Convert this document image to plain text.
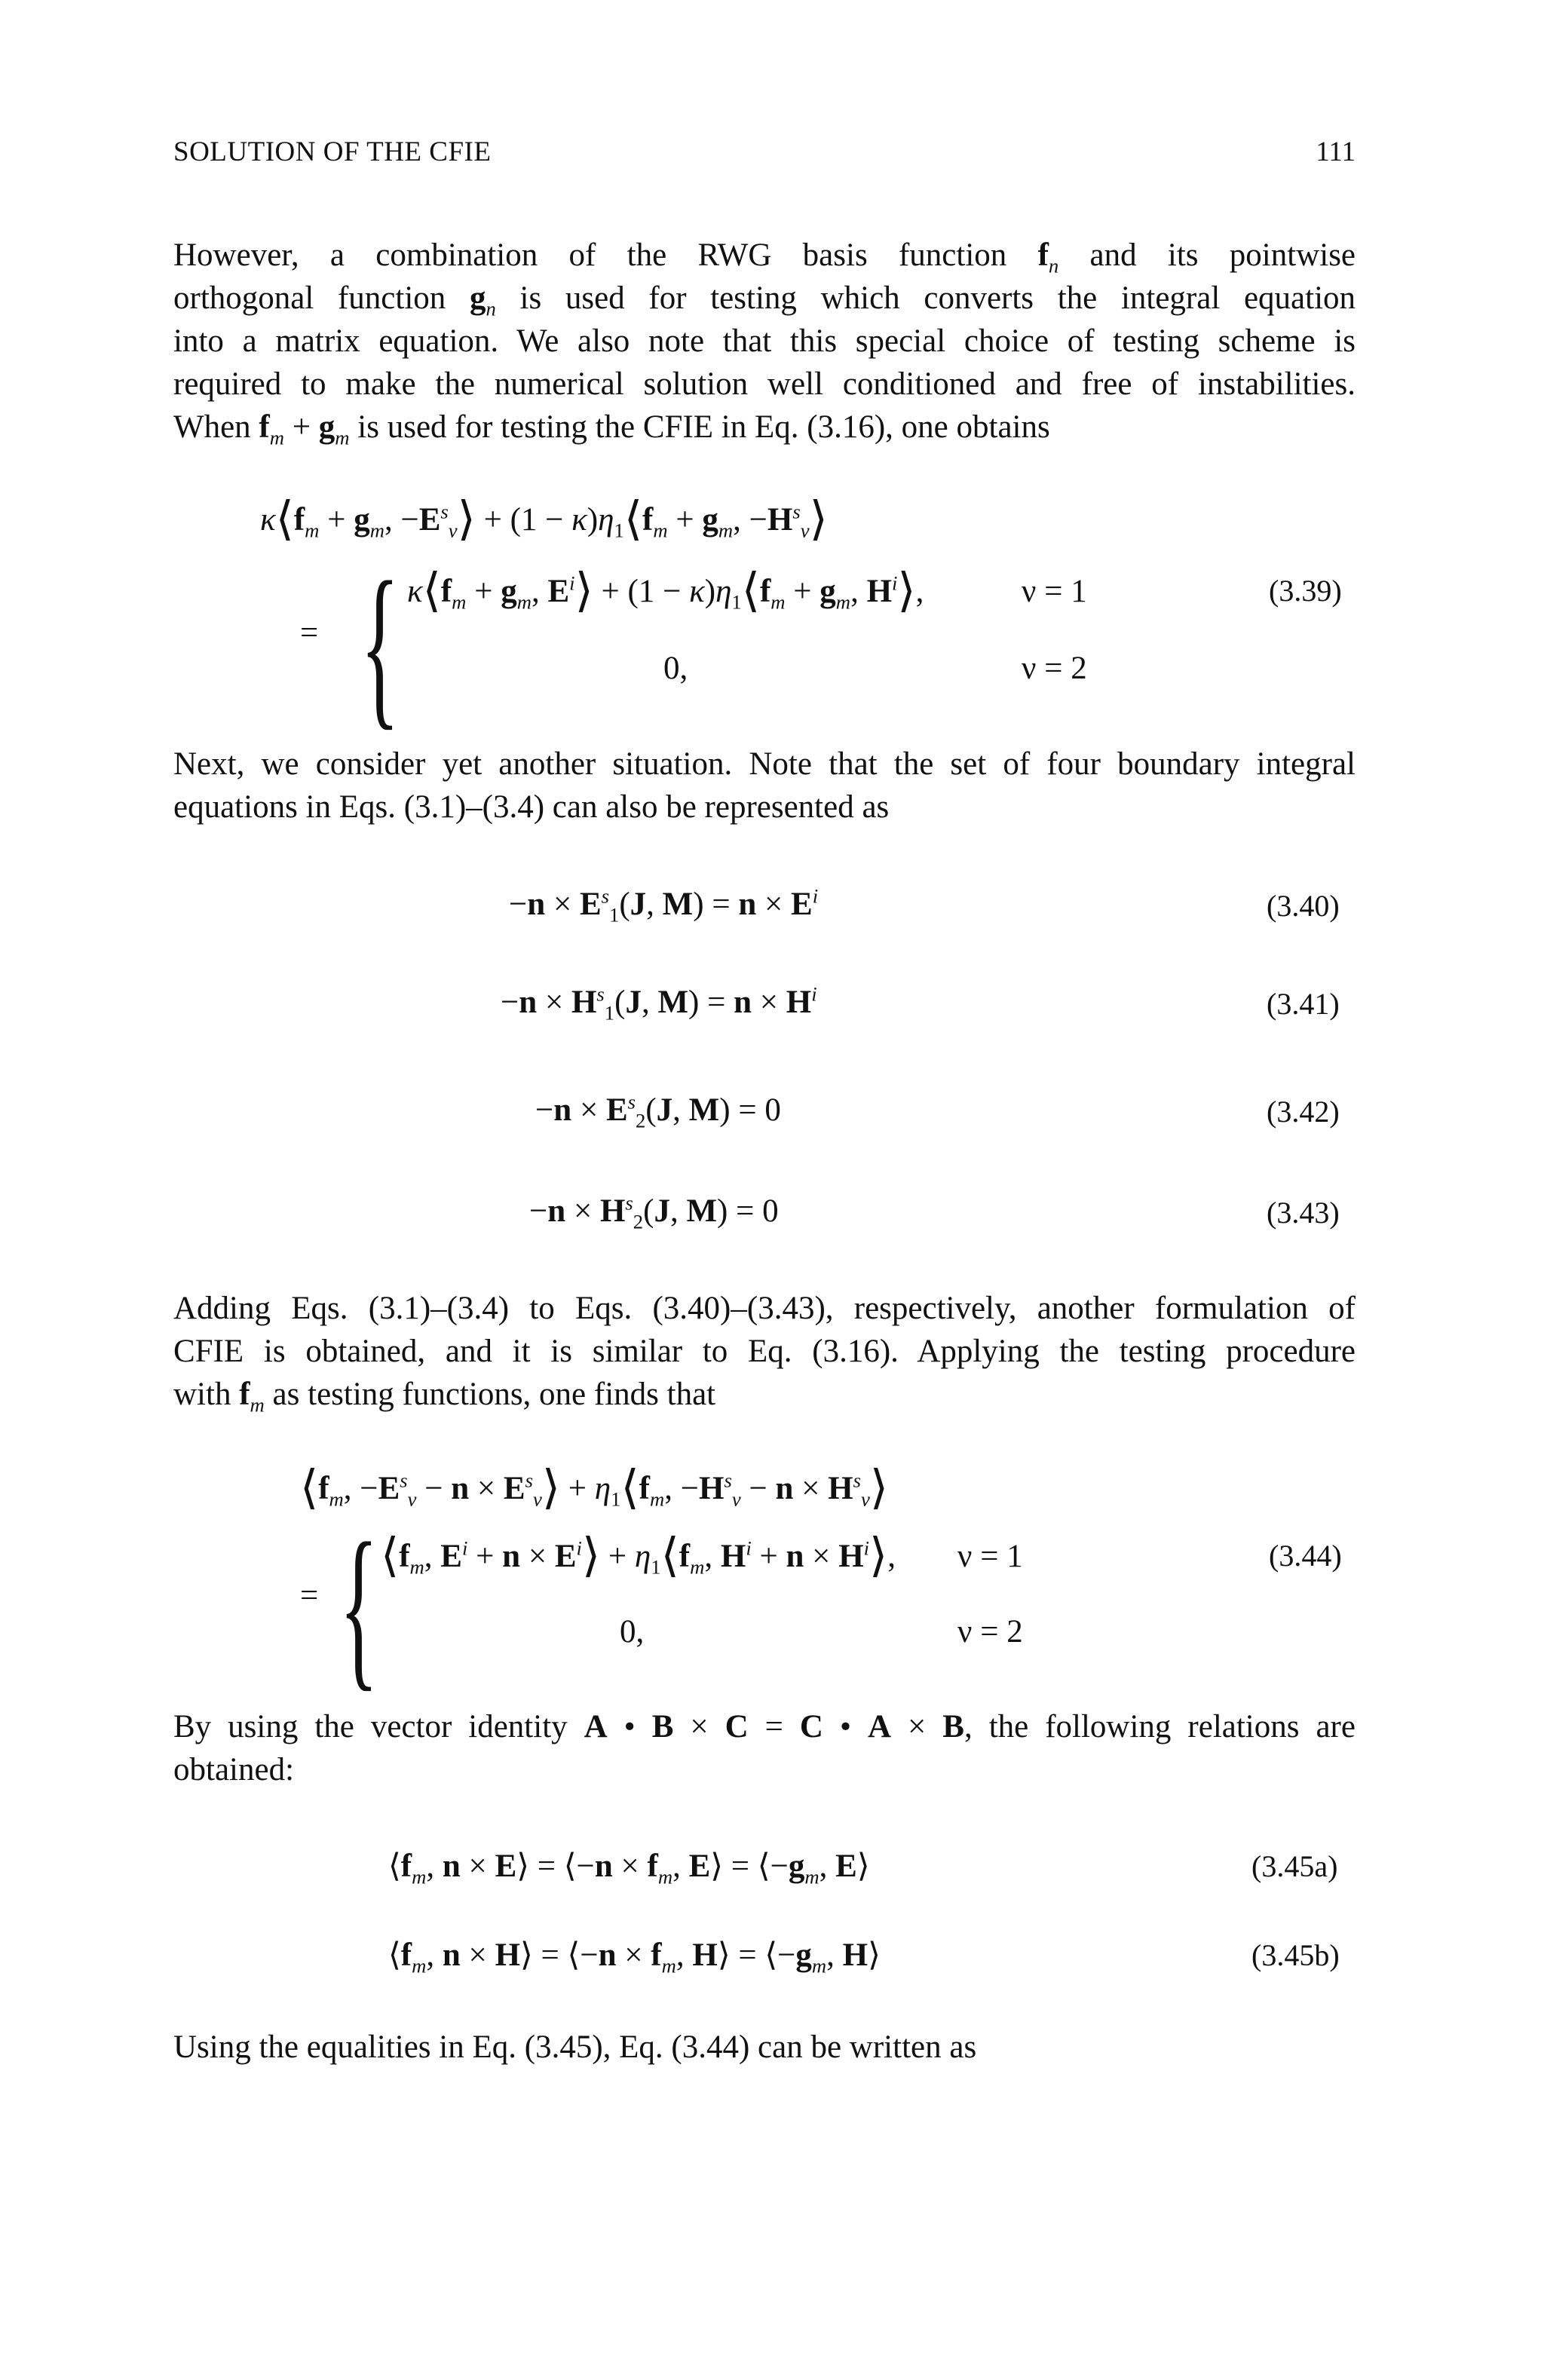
SOLUTION OF THE CFIE	111
However, a combination of the RWG basis function $f_n$ and its pointwise
orthogonal function $g_n$ is used for testing which converts the integral equation
into a matrix equation. We also note that this special choice of testing scheme is
required to make the numerical solution well conditioned and free of instabilities.
When $f_m + g_m$ is used for testing the CFIE in Eq. (3.16), one obtains
$\kappa⟨f_m + g_m$, $-E^s_\nu⟩ + (1$ − $\kappa)\eta_1⟨f_m + g_m$, $-H^s_\nu⟩$
= { $\kappa⟨f_m + g_m$, $E^i⟩ + (1$ − $\kappa)\eta_1⟨f_m + g_m$, $H^i⟩$,	ν = 1	(3.39)
0,	ν = 2
Next, we consider yet another situation. Note that the set of four boundary integral
equations in Eqs. (3.1)–(3.4) can also be represented as
$-n \times E^s_1(J$, $M) = n \times E^i$	(3.40)
$-n \times H^s_1(J$, $M) = n \times H^i$	(3.41)
$-n \times E^s_2(J$, M) = 0	(3.42)
$-n \times H^s_2(J$, M) = 0	(3.43)
Adding Eqs. (3.1)–(3.4) to Eqs. (3.40)–(3.43), respectively, another formulation of
CFIE is obtained, and it is similar to Eq. (3.16). Applying the testing procedure
with $f_m$ as testing functions, one finds that
$⟨f_m$, $-E^s_\nu - n$ × $E^s_\nu⟩$ + $\eta_1⟨f_m$, $-H^s_\nu - n$ × $H^s_\nu⟩$
= { $⟨f_m$, $E^i + n$ × $E^i⟩$ + $\eta_1⟨f_m$, $H^i + n$ × $H^i⟩$, ν = 1	(3.44)
0,	ν = 2
By using the vector identity A • B × C = C • A × B, the following relations are
obtained:
$⟨f_m$, n × E⟩ = ⟨−n × $f_m$, E⟩ = $⟨-g_m$, E⟩	(3.45a)
$⟨f_m$, n × H⟩ = ⟨−n × $f_m$, H⟩ = $⟨-g_m$, H⟩	(3.45b)
Using the equalities in Eq. (3.45), Eq. (3.44) can be written as
